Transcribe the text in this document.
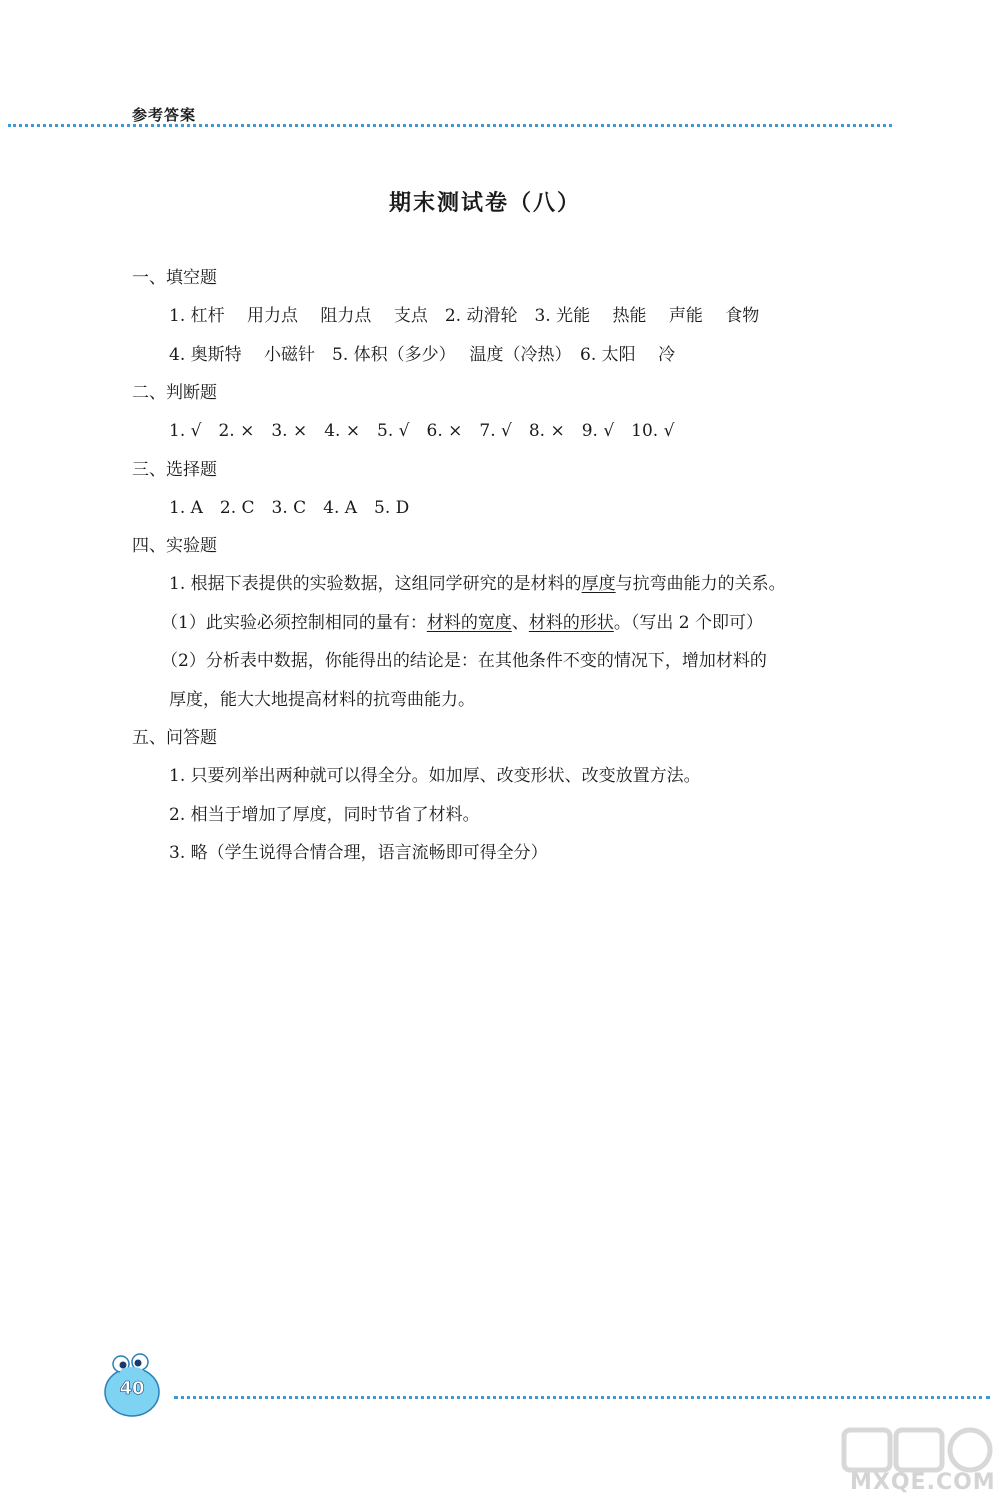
参考答案
期末测试卷（八）
一、填空题
1. 杠杆　 用力点　 阻力点　 支点　2. 动滑轮　3. 光能　 热能　 声能　 食物
4. 奥斯特　 小磁针　5. 体积（多少）　 温度（冷热）　6. 太阳　 冷
二、判断题
1. √　2. ×　3. ×　4. ×　5. √　6. ×　7. √　8. ×　9. √　10. √
三、选择题
1. A　2. C　3. C　4. A　5. D
四、实验题
1. 根据下表提供的实验数据，这组同学研究的是材料的厚度与抗弯曲能力的关系。
（1）此实验必须控制相同的量有：材料的宽度、材料的形状。（写出 2 个即可）
（2）分析表中数据，你能得出的结论是：在其他条件不变的情况下，增加材料的
厚度，能大大地提高材料的抗弯曲能力。
五、问答题
1. 只要列举出两种就可以得全分。如加厚、改变形状、改变放置方法。
2. 相当于增加了厚度，同时节省了材料。
3. 略（学生说得合情合理，语言流畅即可得全分）
40
MXQE.COM
